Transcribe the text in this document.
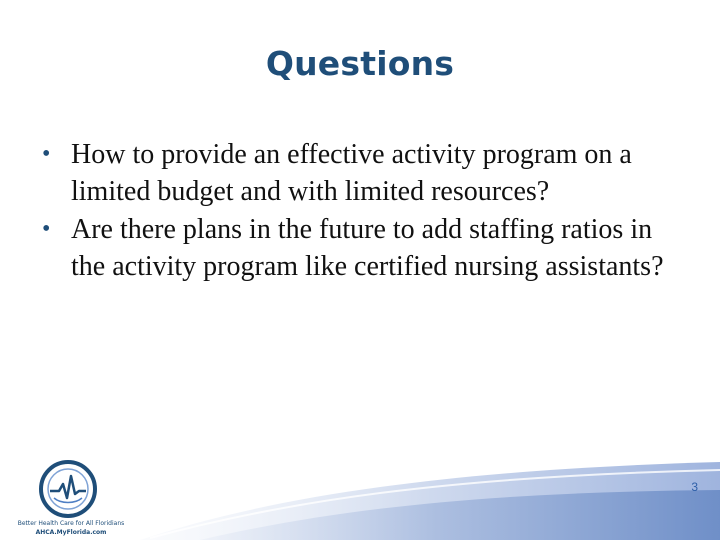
Questions
• How to provide an effective activity program on a limited budget and with limited resources?
• Are there plans in the future to add staffing ratios in the activity program like certified nursing assistants?
Better Health Care for All Floridians
AHCA.MyFlorida.com
3
